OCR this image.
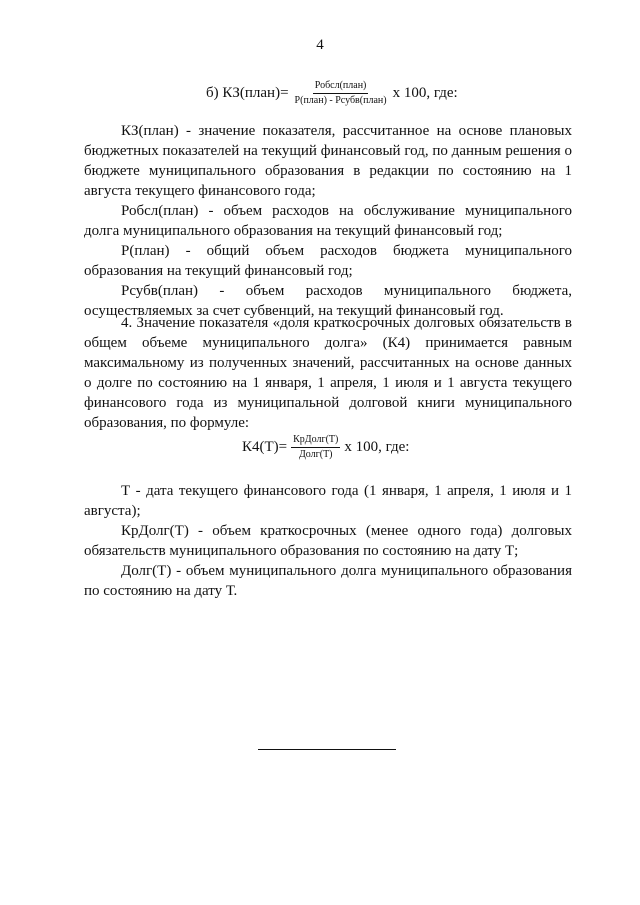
4
б) КЗ(план)= $\frac{\text{Робсл(план)}}{\text{Р(план) - Рсубв(план)}}$ x 100, где:

КЗ(план) - значение показателя, рассчитанное на основе плановых бюджетных показателей на текущий финансовый год, по данным решения о бюджете муниципального образования в редакции по состоянию на 1 августа текущего финансового года;

Робсл(план) - объем расходов на обслуживание муниципального долга муниципального образования на текущий финансовый год;

Р(план) - общий объем расходов бюджета муниципального образования на текущий финансовый год;

Рсубв(план) - объем расходов муниципального бюджета, осуществляемых за счет субвенций, на текущий финансовый год.

4. Значение показателя «доля краткосрочных долговых обязательств в общем объеме муниципального долга» (К4) принимается равным максимальному из полученных значений, рассчитанных на основе данных о долге по состоянию на 1 января, 1 апреля, 1 июля и 1 августа текущего финансового года из муниципальной долговой книги муниципального образования, по формуле:

$К4(Т)= \frac{\text{КрДолг(Т)}}{\text{Долг(Т)}}$ x 100, где:

Т - дата текущего финансового года (1 января, 1 апреля, 1 июля и 1 августа);

КрДолг(Т) - объем краткосрочных (менее одного года) долговых обязательств муниципального образования по состоянию на дату Т;

Долг(Т) - объем муниципального долга муниципального образования по состоянию на дату Т.
